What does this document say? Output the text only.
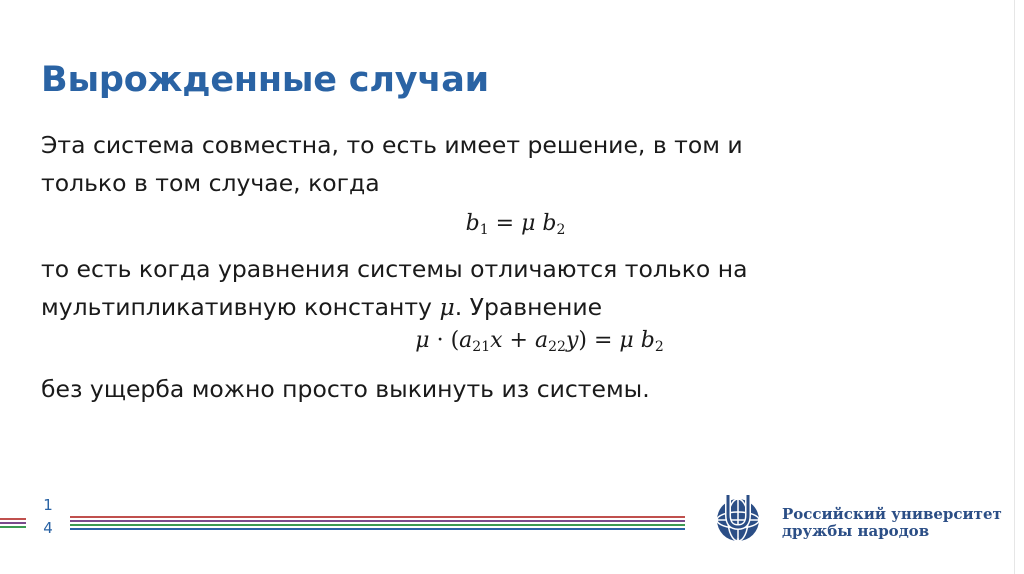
Вырожденные случаи
Эта система совместна, то есть имеет решение, в том и
только в том случае, когда
$b_1 = \mu$ $b_2$
то есть когда уравнения системы отличаются только на
мультипликативную константу μ. Уравнение
$\mu \cdot (a_{21}x + a_{22}y) = \mu$ $b_2$
без ущерба можно просто выкинуть из системы.
1
4
U
Российский университет
дружбы народов
